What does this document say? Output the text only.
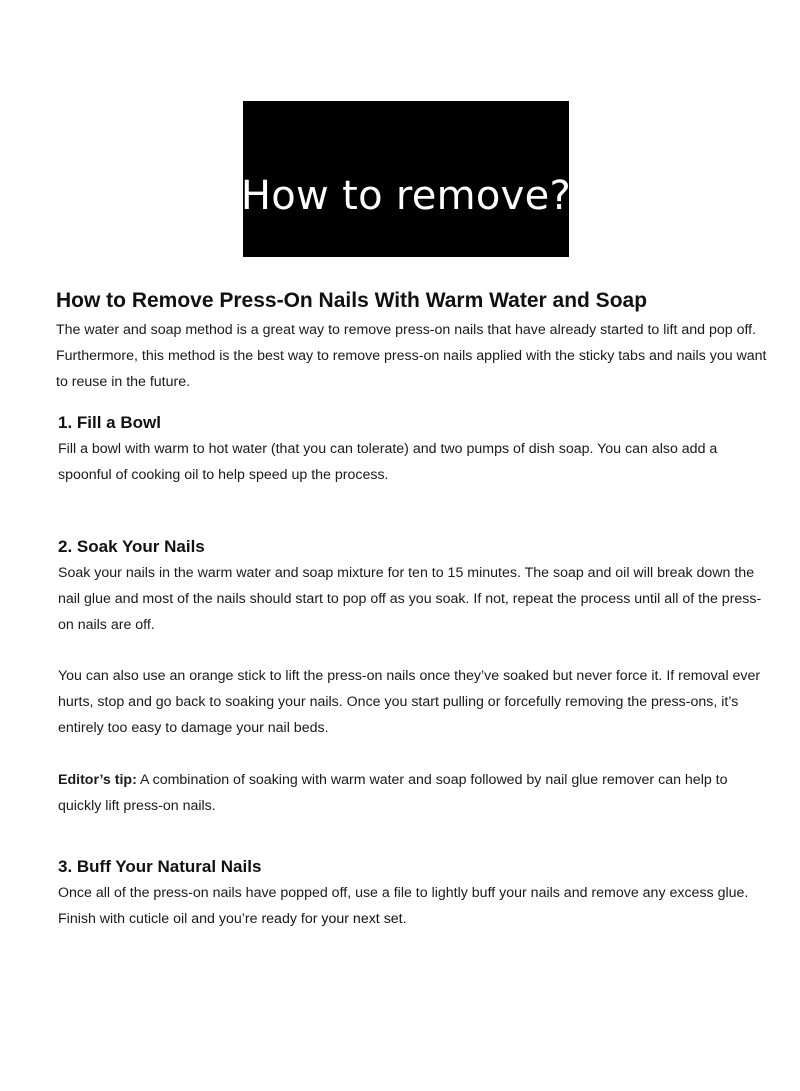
How to remove?
How to Remove Press-On Nails With Warm Water and Soap

The water and soap method is a great way to remove press-on nails that have already started to lift and pop off. Furthermore, this method is the best way to remove press-on nails applied with the sticky tabs and nails you want to reuse in the future.

1. Fill a Bowl

Fill a bowl with warm to hot water (that you can tolerate) and two pumps of dish soap. You can also add a spoonful of cooking oil to help speed up the process.

2. Soak Your Nails

Soak your nails in the warm water and soap mixture for ten to 15 minutes. The soap and oil will break down the nail glue and most of the nails should start to pop off as you soak. If not, repeat the process until all of the press-on nails are off.

You can also use an orange stick to lift the press-on nails once they’ve soaked but never force it. If removal ever hurts, stop and go back to soaking your nails. Once you start pulling or forcefully removing the press-ons, it’s entirely too easy to damage your nail beds.

Editor’s tip: A combination of soaking with warm water and soap followed by nail glue remover can help to quickly lift press-on nails.

3. Buff Your Natural Nails

Once all of the press-on nails have popped off, use a file to lightly buff your nails and remove any excess glue. Finish with cuticle oil and you’re ready for your next set.
